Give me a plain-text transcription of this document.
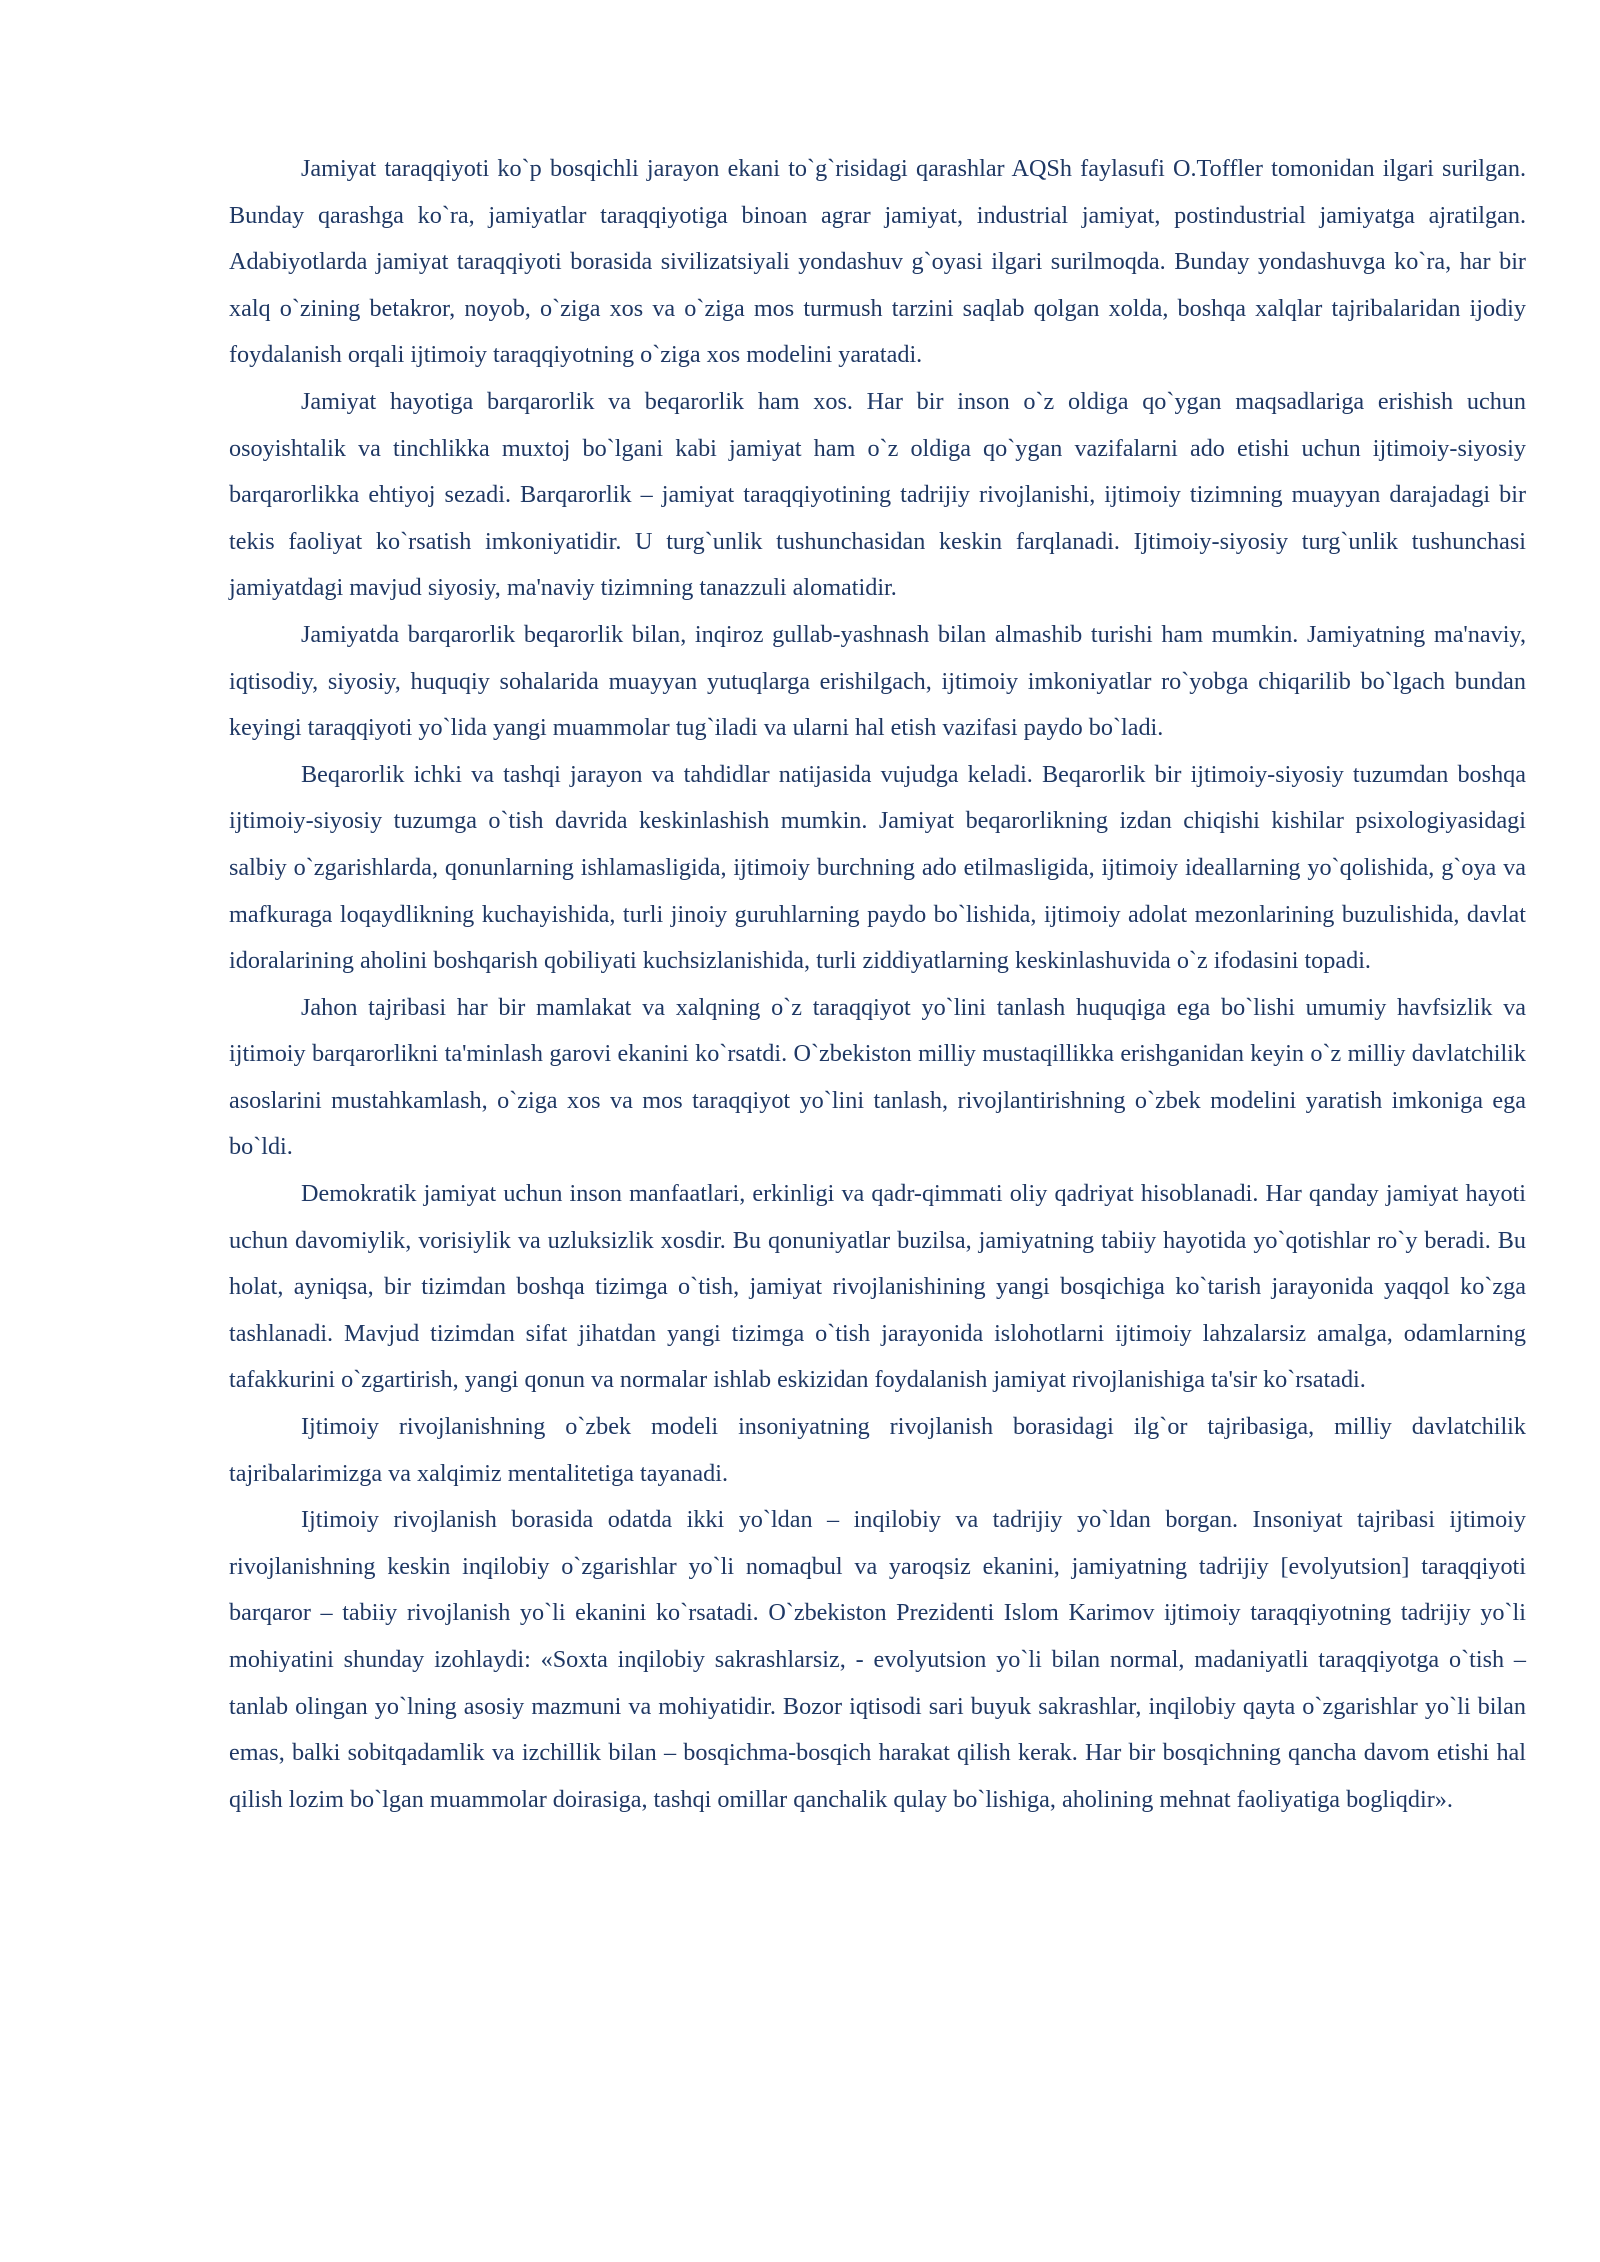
Jamiyat taraqqiyoti ko`p bosqichli jarayon ekani to`g`risidagi qarashlar AQSh faylasufi O.Toffler tomonidan ilgari surilgan. Bunday qarashga ko`ra, jamiyatlar taraqqiyotiga binoan agrar jamiyat, industrial jamiyat, postindustrial jamiyatga ajratilgan. Adabiyotlarda jamiyat taraqqiyoti borasida sivilizatsiyali yondashuv g`oyasi ilgari surilmoqda. Bunday yondashuvga ko`ra, har bir xalq o`zining betakror, noyob, o`ziga xos va o`ziga mos turmush tarzini saqlab qolgan xolda, boshqa xalqlar tajribalaridan ijodiy foydalanish orqali ijtimoiy taraqqiyotning o`ziga xos modelini yaratadi.

Jamiyat hayotiga barqarorlik va beqarorlik ham xos. Har bir inson o`z oldiga qo`ygan maqsadlariga erishish uchun osoyishtalik va tinchlikka muxtoj bo`lgani kabi jamiyat ham o`z oldiga qo`ygan vazifalarni ado etishi uchun ijtimoiy-siyosiy barqarorlikka ehtiyoj sezadi. Barqarorlik – jamiyat taraqqiyotining tadrijiy rivojlanishi, ijtimoiy tizimning muayyan darajadagi bir tekis faoliyat ko`rsatish imkoniyatidir. U turg`unlik tushunchasidan keskin farqlanadi. Ijtimoiy-siyosiy turg`unlik tushunchasi jamiyatdagi mavjud siyosiy, ma'naviy tizimning tanazzuli alomatidir.

Jamiyatda barqarorlik beqarorlik bilan, inqiroz gullab-yashnash bilan almashib turishi ham mumkin. Jamiyatning ma'naviy, iqtisodiy, siyosiy, huquqiy sohalarida muayyan yutuqlarga erishilgach, ijtimoiy imkoniyatlar ro`yobga chiqarilib bo`lgach bundan keyingi taraqqiyoti yo`lida yangi muammolar tug`iladi va ularni hal etish vazifasi paydo bo`ladi.

Beqarorlik ichki va tashqi jarayon va tahdidlar natijasida vujudga keladi. Beqarorlik bir ijtimoiy-siyosiy tuzumdan boshqa ijtimoiy-siyosiy tuzumga o`tish davrida keskinlashish mumkin. Jamiyat beqarorlikning izdan chiqishi kishilar psixologiyasidagi salbiy o`zgarishlarda, qonunlarning ishlamasligida, ijtimoiy burchning ado etilmasligida, ijtimoiy ideallarning yo`qolishida, g`oya va mafkuraga loqaydlikning kuchayishida, turli jinoiy guruhlarning paydo bo`lishida, ijtimoiy adolat mezonlarining buzulishida, davlat idoralarining aholini boshqarish qobiliyati kuchsizlanishida, turli ziddiyatlarning keskinlashuvida o`z ifodasini topadi.

Jahon tajribasi har bir mamlakat va xalqning o`z taraqqiyot yo`lini tanlash huquqiga ega bo`lishi umumiy havfsizlik va ijtimoiy barqarorlikni ta'minlash garovi ekanini ko`rsatdi. O`zbekiston milliy mustaqillikka erishganidan keyin o`z milliy davlatchilik asoslarini mustahkamlash, o`ziga xos va mos taraqqiyot yo`lini tanlash, rivojlantirishning o`zbek modelini yaratish imkoniga ega bo`ldi.

Demokratik jamiyat uchun inson manfaatlari, erkinligi va qadr-qimmati oliy qadriyat hisoblanadi. Har qanday jamiyat hayoti uchun davomiylik, vorisiylik va uzluksizlik xosdir. Bu qonuniyatlar buzilsa, jamiyatning tabiiy hayotida yo`qotishlar ro`y beradi. Bu holat, ayniqsa, bir tizimdan boshqa tizimga o`tish, jamiyat rivojlanishining yangi bosqichiga ko`tarish jarayonida yaqqol ko`zga tashlanadi. Mavjud tizimdan sifat jihatdan yangi tizimga o`tish jarayonida islohotlarni ijtimoiy lahzalarsiz amalga, odamlarning tafakkurini o`zgartirish, yangi qonun va normalar ishlab eskizidan foydalanish jamiyat rivojlanishiga ta'sir ko`rsatadi.

Ijtimoiy rivojlanishning o`zbek modeli insoniyatning rivojlanish borasidagi ilg`or tajribasiga, milliy davlatchilik tajribalarimizga va xalqimiz mentalitetiga tayanadi.

Ijtimoiy rivojlanish borasida odatda ikki yo`ldan – inqilobiy va tadrijiy yo`ldan borgan. Insoniyat tajribasi ijtimoiy rivojlanishning keskin inqilobiy o`zgarishlar yo`li nomaqbul va yaroqsiz ekanini, jamiyatning tadrijiy [evolyutsion] taraqqiyoti barqaror – tabiiy rivojlanish yo`li ekanini ko`rsatadi. O`zbekiston Prezidenti Islom Karimov ijtimoiy taraqqiyotning tadrijiy yo`li mohiyatini shunday izohlaydi: «Soxta inqilobiy sakrashlarsiz, - evolyutsion yo`li bilan normal, madaniyatli taraqqiyotga o`tish – tanlab olingan yo`lning asosiy mazmuni va mohiyatidir. Bozor iqtisodi sari buyuk sakrashlar, inqilobiy qayta o`zgarishlar yo`li bilan emas, balki sobitqadamlik va izchillik bilan – bosqichma-bosqich harakat qilish kerak. Har bir bosqichning qancha davom etishi hal qilish lozim bo`lgan muammolar doirasiga, tashqi omillar qanchalik qulay bo`lishiga, aholining mehnat faoliyatiga bogliqdir».
